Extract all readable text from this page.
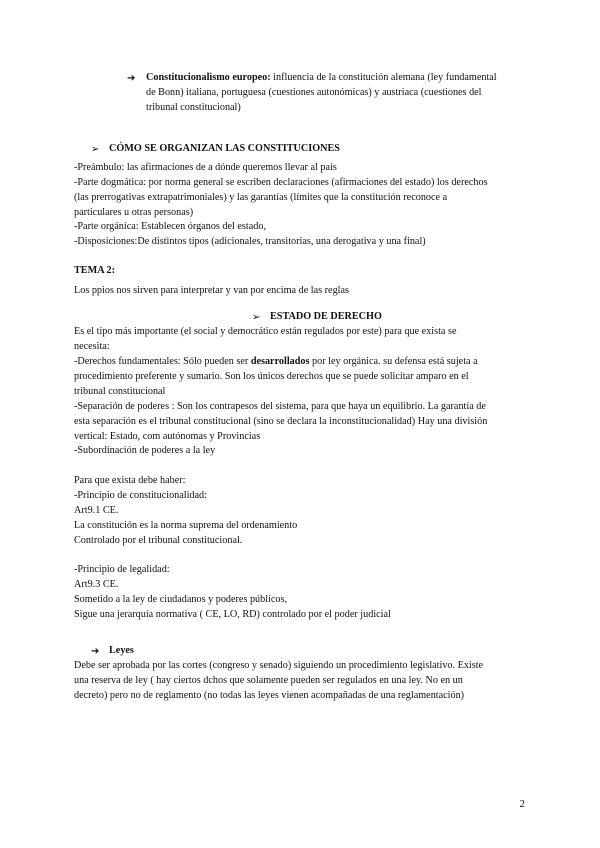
➔ Constitucionalismo europeo: influencia de la constitución alemana (ley fundamental
de Bonn) italiana, portuguesa (cuestiones autonómicas) y austriaca (cuestiones del
tribunal constitucional)
➢ CÓMO SE ORGANIZAN LAS CONSTITUCIONES
-Preámbulo: las afirmaciones de a dónde queremos llevar al país
-Parte dogmática: por norma general se escriben declaraciones (afirmaciones del estado) los derechos
(las prerrogativas extrapatrimoniales) y las garantías (límites que la constitución reconoce a
particulares u otras personas)
-Parte orgánica: Establecen órganos del estado,
-Disposiciones:De distintos tipos (adicionales, transitorias, una derogativa y una final)
TEMA 2:
Los ppios nos sirven para interpretar y van por encima de las reglas
➢ ESTADO DE DERECHO
Es el tipo más importante (el social y democrático están regulados por este) para que exista se
necesita:
-Derechos fundamentales: Sólo pueden ser desarrollados por ley orgánica. su defensa está sujeta a
procedimiento preferente y sumario. Son los únicos derechos que se puede solicitar amparo en el
tribunal constitucional
-Separación de poderes : Son los contrapesos del sistema, para que haya un equilibrio. La garantía de
esta separación es el tribunal constitucional (sino se declara la inconstitucionalidad) Hay una división
vertical: Estado, com autónomas y Provincias
-Subordinación de poderes a la ley
Para que exista debe haber:
-Principio de constitucionalidad:
Art9.1 CE.
La constitución es la norma suprema del ordenamiento
Controlado por el tribunal constitucional.
-Principio de legalidad:
Art9.3 CE.
Sometido a la ley de ciudadanos y poderes públicos,
Sigue una jerarquía normativa ( CE, LO, RD) controlado por el poder judicial
➔ Leyes
Debe ser aprobada por las cortes (congreso y senado) siguiendo un procedimiento legislativo. Existe
una reserva de ley ( hay ciertos dchos que solamente pueden ser regulados en una ley. No en un
decreto) pero no de reglamento (no todas las leyes vienen acompañadas de una reglamentación)
2
